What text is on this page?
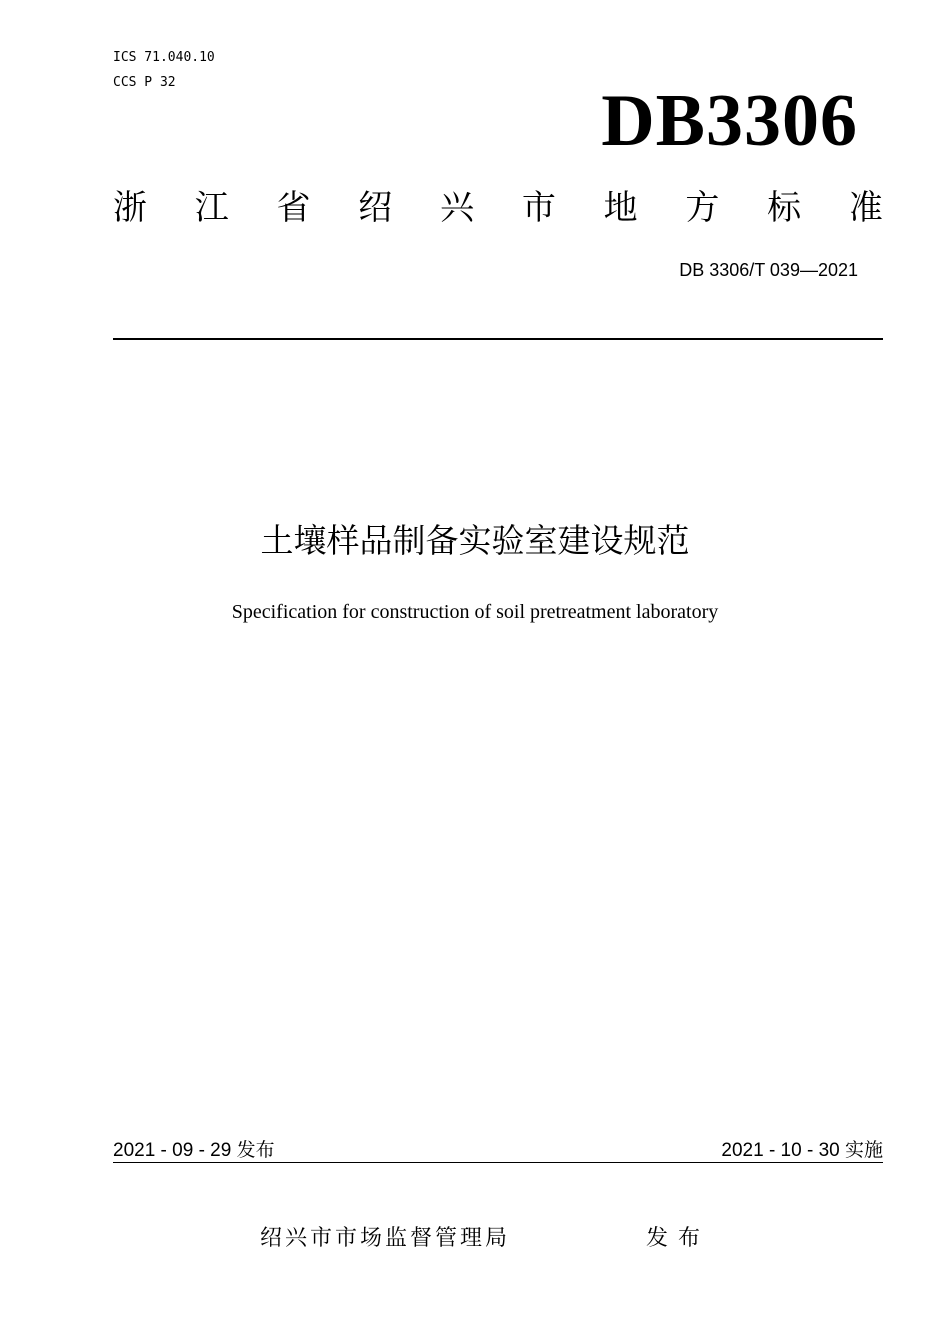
ICS 71.040.10
CCS P 32	DB3306
浙 江 省 绍 兴 市 地 方 标 准
DB 3306/T 039—2021
土壤样品制备实验室建设规范
Specification for construction of soil pretreatment laboratory
2021 - 09 - 29 发布	2021 - 10 - 30 实施
绍兴市市场监督管理局	发布
